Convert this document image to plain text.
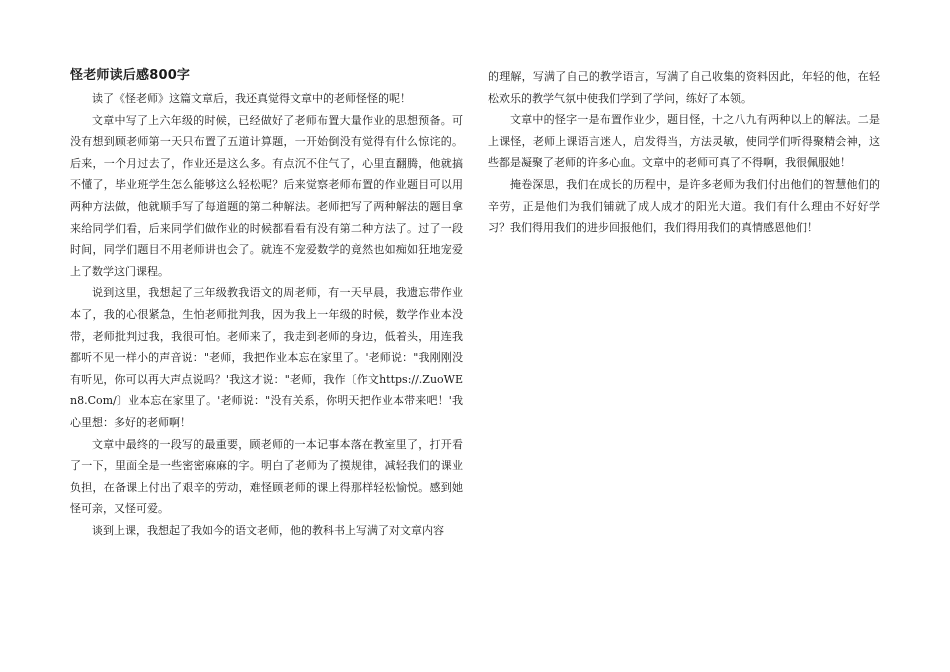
怪老师读后感800字

读了《怪老师》这篇文章后，我还真觉得文章中的老师怪怪的呢！

文章中写了上六年级的时候，已经做好了老师布置大量作业的思想预备。可没有想到顾老师第一天只布置了五道计算题，一开始倒没有觉得有什么惊诧的。后来，一个月过去了，作业还是这么多。有点沉不住气了，心里直翻腾，他就搞不懂了，毕业班学生怎么能够这么轻松呢？后来觉察老师布置的作业题目可以用两种方法做，他就顺手写了每道题的第二种解法。老师把写了两种解法的题目拿来给同学们看，后来同学们做作业的时候都看看有没有第二种方法了。过了一段时间，同学们题目不用老师讲也会了。就连不宠爱数学的竟然也如痴如狂地宠爱上了数学这门课程。

说到这里，我想起了三年级教我语文的周老师，有一天早晨，我遗忘带作业本了，我的心很紧急，生怕老师批判我，因为我上一年级的时候，数学作业本没带，老师批判过我，我很可怕。老师来了，我走到老师的身边，低着头，用连我都听不见一样小的声音说："老师，我把作业本忘在家里了。'老师说："我刚刚没有听见，你可以再大声点说吗？'我这才说："老师，我作〔作文https://.ZuoWEn8.Com/〕业本忘在家里了。'老师说："没有关系，你明天把作业本带来吧！'我心里想：多好的老师啊！

文章中最终的一段写的最重要，顾老师的一本记事本落在教室里了，打开看了一下，里面全是一些密密麻麻的字。明白了老师为了摸规律，减轻我们的课业负担，在备课上付出了艰辛的劳动，难怪顾老师的课上得那样轻松愉悦。感到她怪可亲，又怪可爱。

谈到上课，我想起了我如今的语文老师，他的教科书上写满了对文章内容

的理解，写满了自己的教学语言，写满了自己收集的资料因此，年轻的他，在轻松欢乐的教学气氛中使我们学到了学问，练好了本领。

文章中的怪字一是布置作业少，题目怪，十之八九有两种以上的解法。二是上课怪，老师上课语言迷人，启发得当，方法灵敏，使同学们听得聚精会神，这些都是凝聚了老师的许多心血。文章中的老师可真了不得啊，我很佩服她！

掩卷深思，我们在成长的历程中，是许多老师为我们付出他们的智慧他们的辛劳，正是他们为我们铺就了成人成才的阳光大道。我们有什么理由不好好学习？我们得用我们的进步回报他们，我们得用我们的真情感恩他们！
